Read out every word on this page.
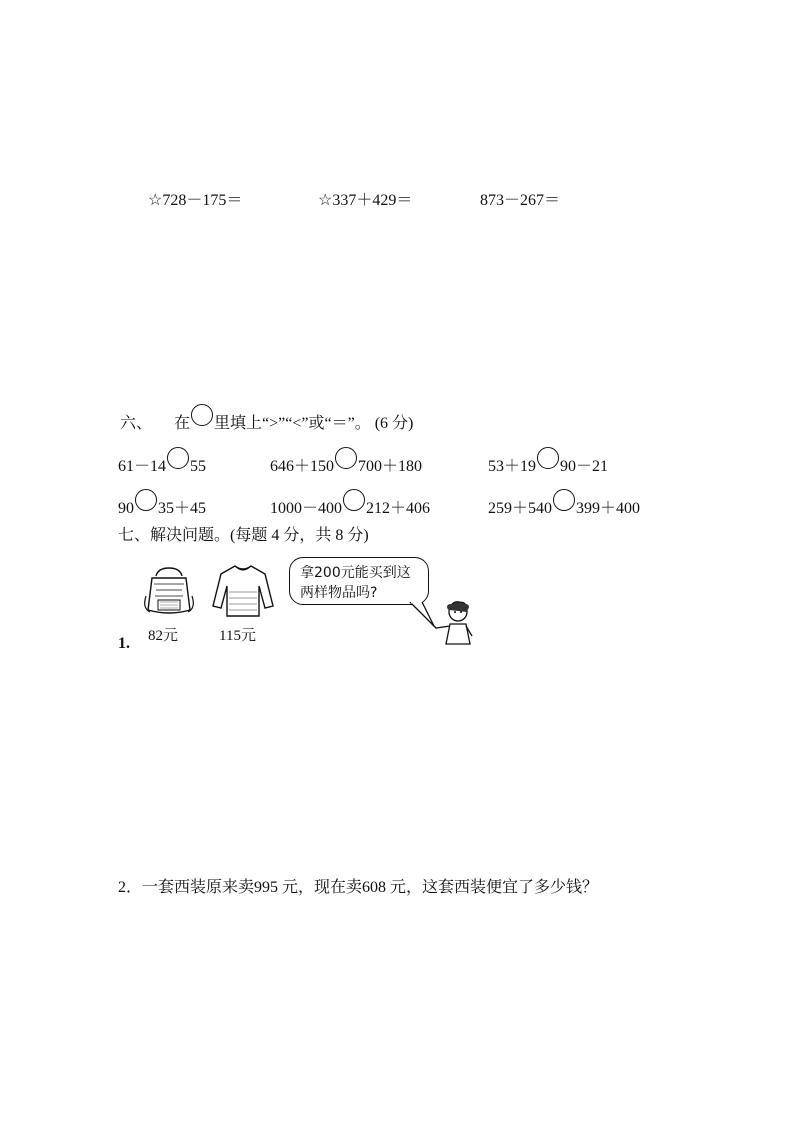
☆728－175＝	☆337＋429＝	873－267＝
六、 在 里填上“>”“<”或“＝”。 (6 分)
61－14 55	646＋150 700＋180	53＋19 90－21
90 35＋45	1000－400 212＋406	259＋540 399＋400
七、解决问题。(每题 4 分，共 8 分)
82元	115元
拿200元能买到这
两样物品吗?
1.
2．一套西装原来卖995 元，现在卖608 元，这套西装便宜了多少钱？
